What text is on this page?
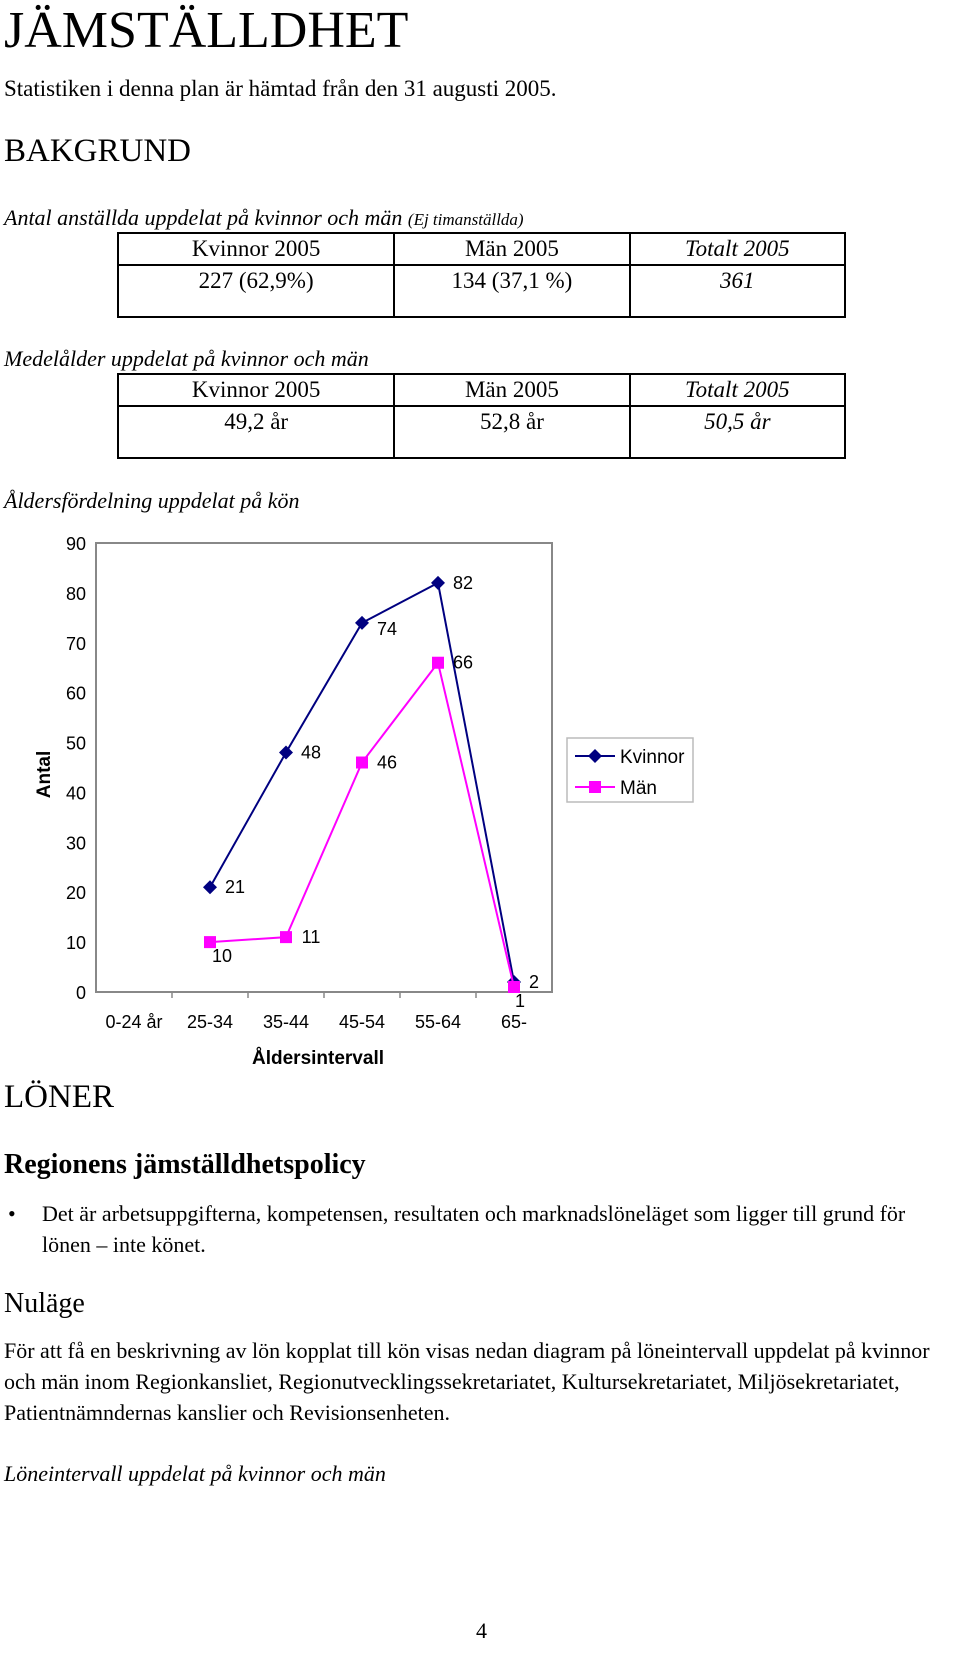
JÄMSTÄLLDHET
Statistiken i denna plan är hämtad från den 31 augusti 2005.
BAKGRUND
Antal anställda uppdelat på kvinnor och män (Ej timanställda)
Kvinnor 2005	Män 2005	Totalt 2005
227 (62,9%)	134 (37,1 %)	361
Medelålder uppdelat på kvinnor och män
Kvinnor 2005	Män 2005	Totalt 2005
49,2 år	52,8 år	50,5 år
Åldersfördelning uppdelat på kön
0
10
20
30
40
50
60
70
80
90
0-24 år 25-34 35-44 45-54 55-64 65-
Antal
Åldersintervall
21
48
74
82
2
10
11
46
66
1
Kvinnor
Män
LÖNER
Regionens jämställdhetspolicy
• Det är arbetsuppgifterna, kompetensen, resultaten och marknadslöneläget som ligger till grund för lönen – inte könet.
Nuläge
För att få en beskrivning av lön kopplat till kön visas nedan diagram på löneintervall uppdelat på kvinnor och män inom Regionkansliet, Regionutvecklingssekretariatet, Kultursekretariatet, Miljösekretariatet, Patientnämndernas kanslier och Revisionsenheten.
Löneintervall uppdelat på kvinnor och män
4
